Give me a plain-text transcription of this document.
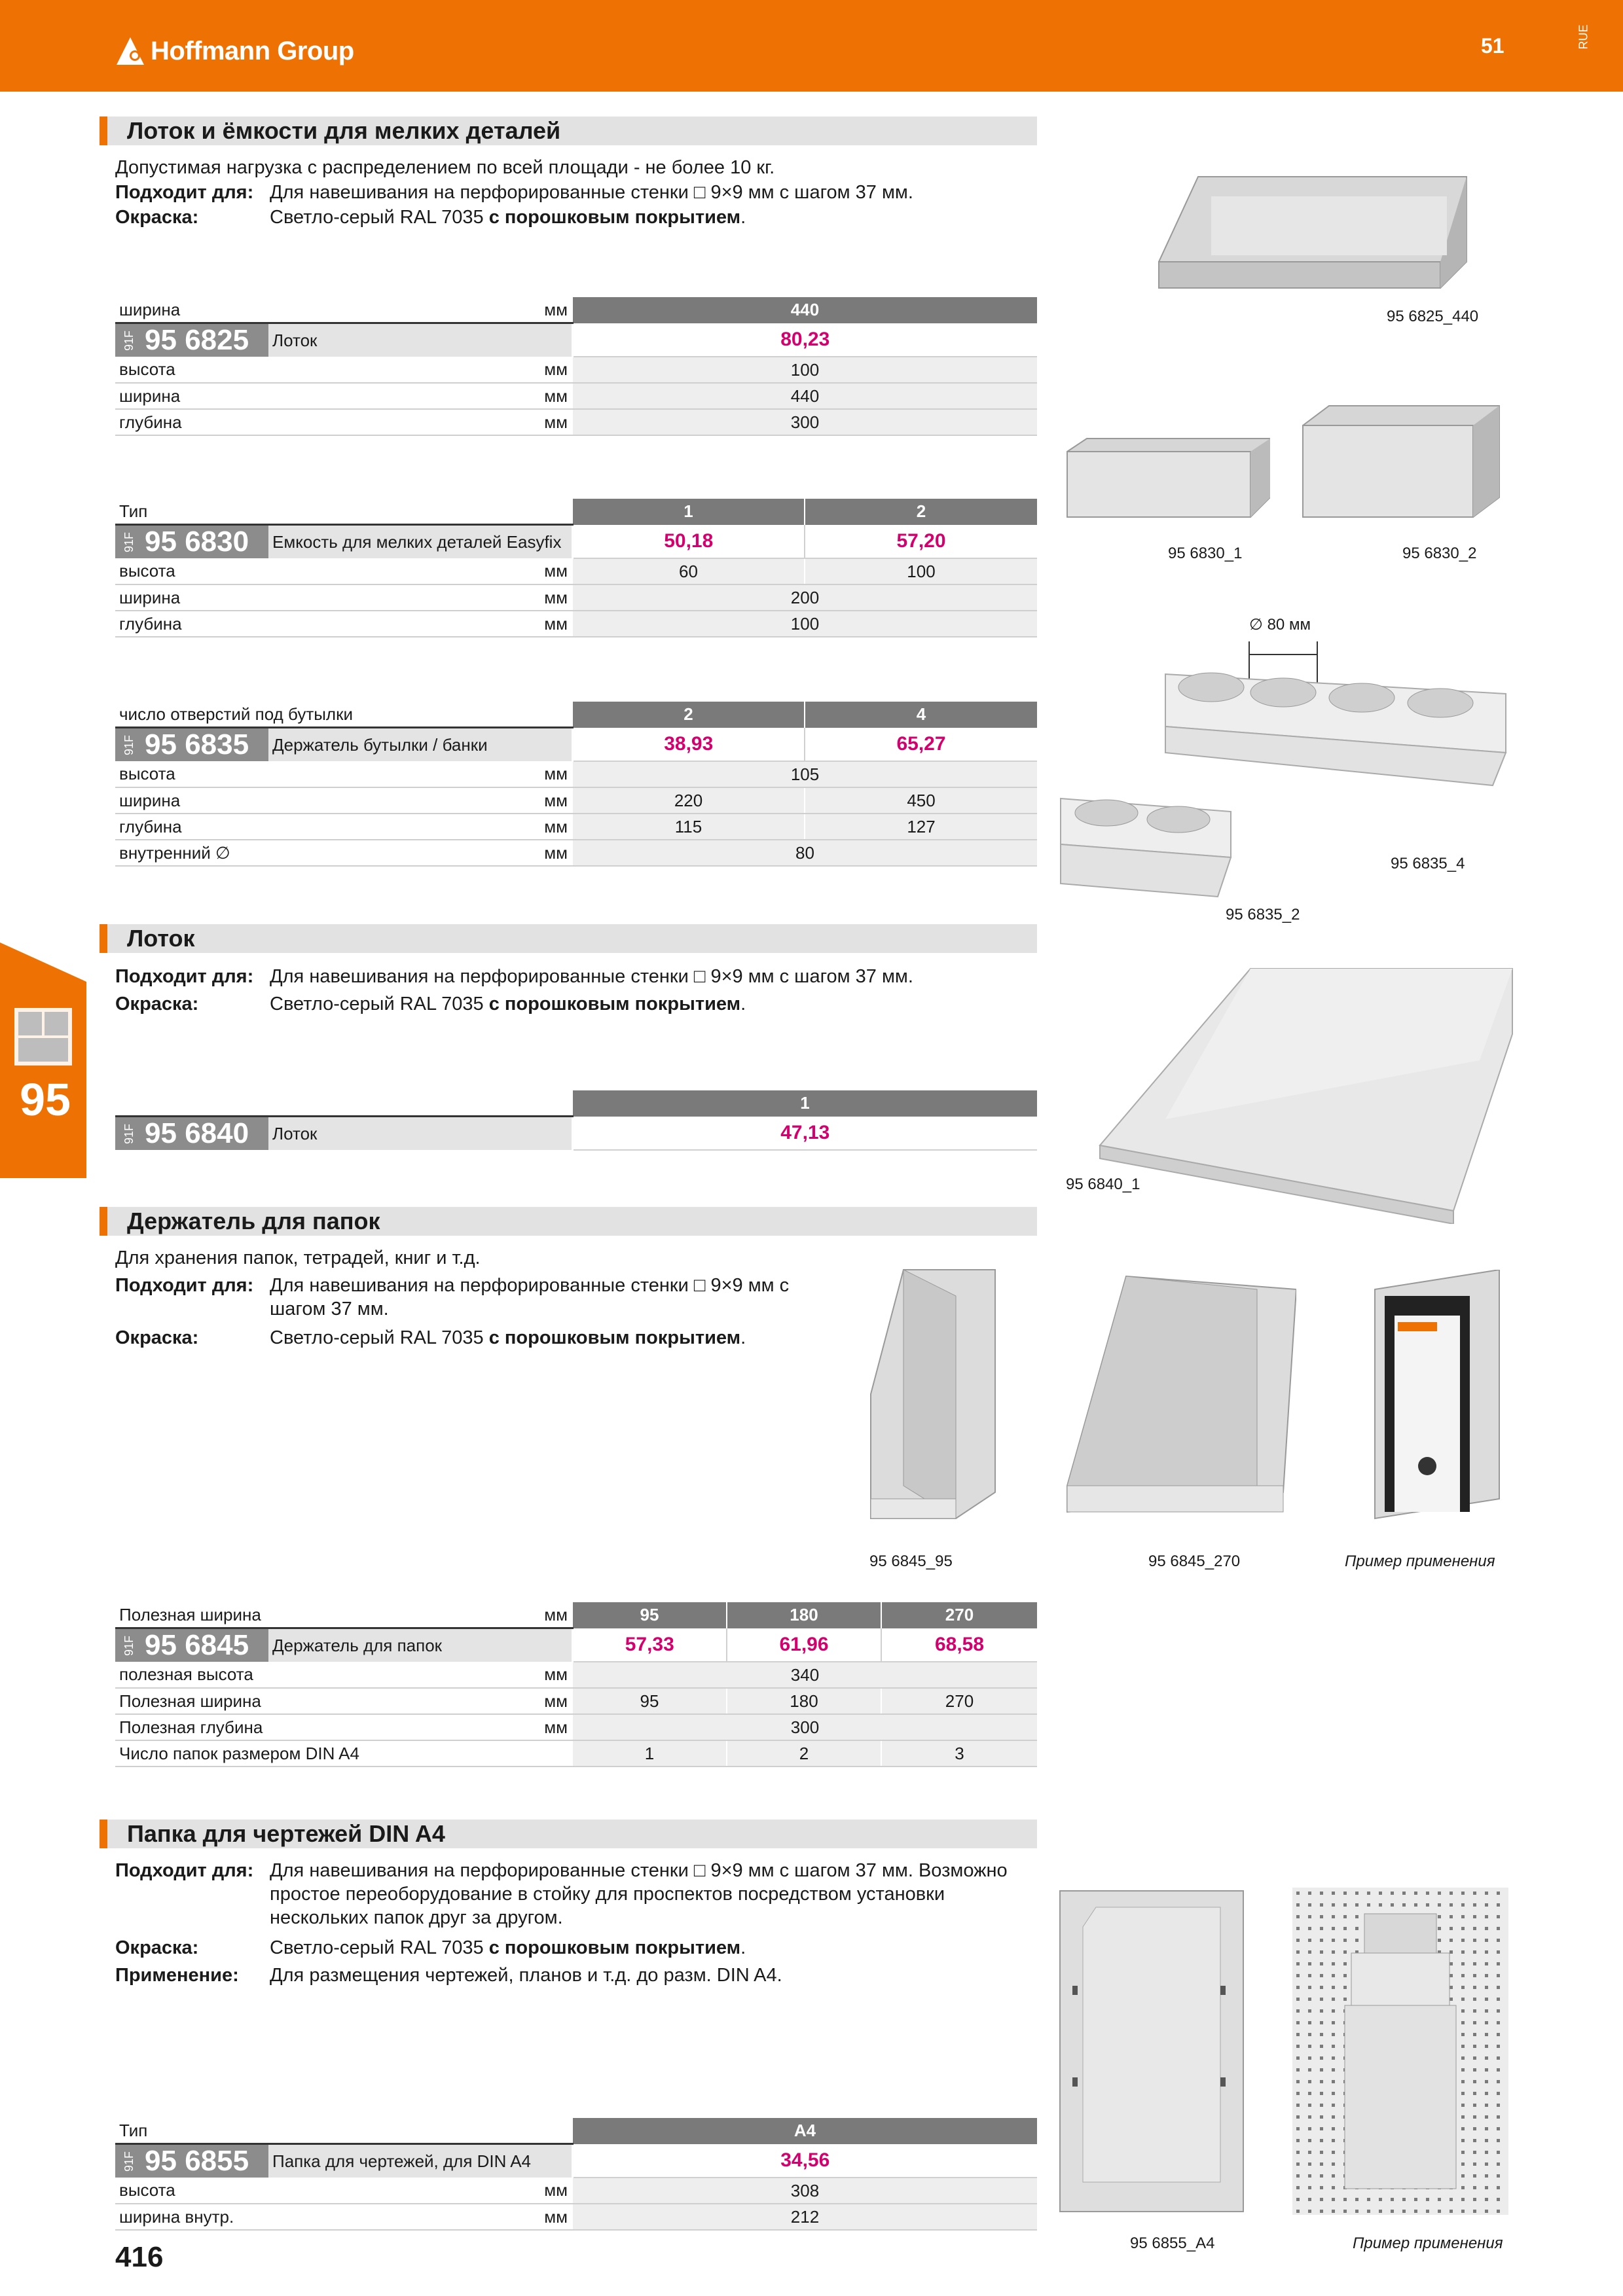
Hoffmann Group	51	RUE
95
Лоток и ёмкости для мелких деталей
Допустимая нагрузка с распределением по всей площади - не более 10 кг.
Подходит для: Для навешивания на перфорированные стенки □ 9×9 мм с шагом 37 мм.
Окраска:	Светло-серый RAL 7035 с порошковым покрытием.
ширина	мм	440
91F 95 6825	Лоток	80,23
высота	мм	100
ширина	мм	440
глубина	мм	300
Тип		1	2
91F 95 6830	Емкость для мелких деталей Easyfix	50,18	57,20
высота	мм	60	100
ширина	мм	200	
глубина	мм	100	
число отверстий под бутылки		2	4
91F 95 6835	Держатель бутылки / банки	38,93	65,27
высота	мм	105	
ширина	мм	220	450
глубина	мм	115	127
внутренний ∅	мм	80	
95 6825_440
95 6830_1	95 6830_2
∅ 80 мм
95 6835_4
95 6835_2
Лоток
Подходит для: Для навешивания на перфорированные стенки □ 9×9 мм с шагом 37 мм.
Окраска:	Светло-серый RAL 7035 с порошковым покрытием.
		1
91F 95 6840	Лоток	47,13
95 6840_1
Держатель для папок
Для хранения папок, тетрадей, книг и т.д.
Подходит для: Для навешивания на перфорированные стенки □ 9×9 мм с
шагом 37 мм.
Окраска:	Светло-серый RAL 7035 с порошковым покрытием.
95 6845_95	95 6845_270	Пример применения
Полезная ширина	мм	95	180	270
91F 95 6845	Держатель для папок	57,33	61,96	68,58
полезная высота	мм	340		
Полезная ширина	мм	95	180	270
Полезная глубина	мм	300		
Число папок размером DIN A4		1	2	3
Папка для чертежей DIN A4
Подходит для: Для навешивания на перфорированные стенки □ 9×9 мм с шагом 37 мм. Возможно
простое переоборудование в стойку для проспектов посредством установки
нескольких папок друг за другом.
Окраска:	Светло-серый RAL 7035 с порошковым покрытием.
Применение: Для размещения чертежей, планов и т.д. до разм. DIN A4.
95 6855_A4	Пример применения
Тип		A4
91F 95 6855	Папка для чертежей, для DIN A4	34,56
высота	мм	308
ширина внутр.	мм	212
416
